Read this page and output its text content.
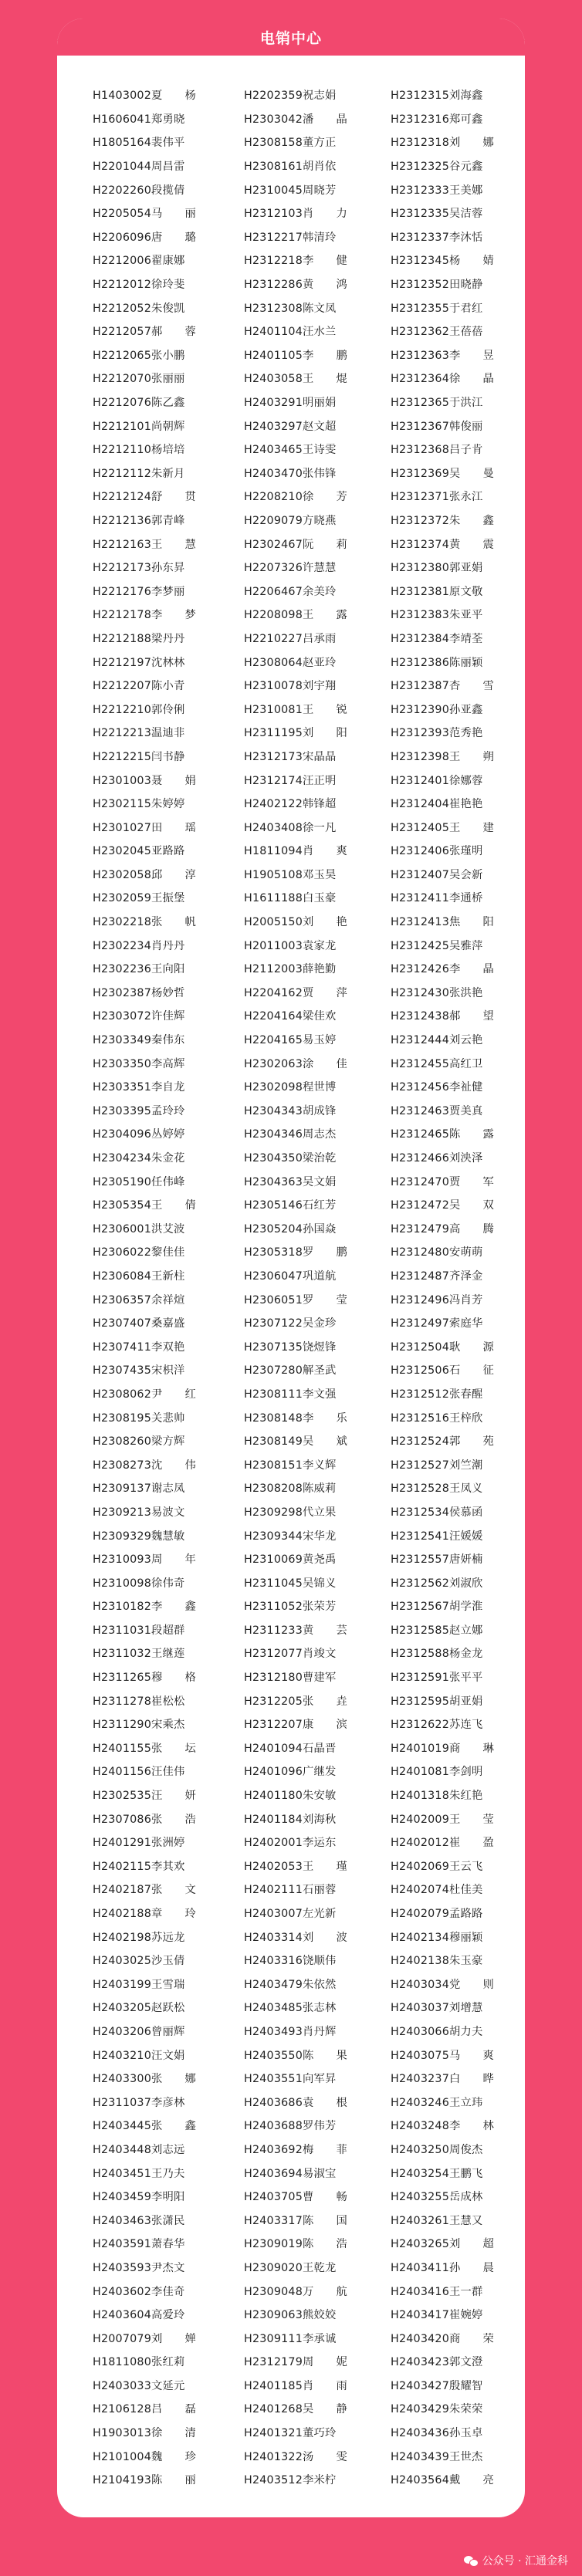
电销中心
H1403002夏　　杨	H2202359祝志娟	H2312315刘海鑫
H1606041郑勇晓	H2303042潘　　晶	H2312316郑可鑫
H1805164裴伟平	H2308158董方正	H2312318刘　　娜
H2201044周昌雷	H2308161胡肖依	H2312325谷元鑫
H2202260段揽倩	H2310045周晓芳	H2312333王美娜
H2205054马　　丽	H2312103肖　　力	H2312335吴洁蓉
H2206096唐　　璐	H2312217韩清玲	H2312337李沐恬
H2212006翟康娜	H2312218李　　健	H2312345杨　　婧
H2212012徐玲斐	H2312286黄　　鸿	H2312352田晓静
H2212052朱俊凯	H2312308陈文凤	H2312355于君红
H2212057郝　　蓉	H2401104汪水兰	H2312362王蓓蓓
H2212065张小鹏	H2401105李　　鹏	H2312363李　　昱
H2212070张丽丽	H2403058王　　焜	H2312364徐　　晶
H2212076陈乙鑫	H2403291明丽娟	H2312365于洪江
H2212101尚朝辉	H2403297赵文超	H2312367韩俊丽
H2212110杨培培	H2403465王诗雯	H2312368吕子肯
H2212112朱新月	H2403470张伟锋	H2312369吴　　曼
H2212124舒　　贯	H2208210徐　　芳	H2312371张永江
H2212136郭青峰	H2209079方晓燕	H2312372朱　　鑫
H2212163王　　慧	H2302467阮　　莉	H2312374黄　　震
H2212173孙东昇	H2207326许慧慧	H2312380郭亚娟
H2212176李梦丽	H2206467余美玲	H2312381原文敬
H2212178李　　梦	H2208098王　　露	H2312383朱亚平
H2212188梁丹丹	H2210227吕承雨	H2312384李靖荃
H2212197沈林林	H2308064赵亚玲	H2312386陈丽颖
H2212207陈小青	H2310078刘宇翔	H2312387杏　　雪
H2212210郭伶俐	H2310081王　　锐	H2312390孙亚鑫
H2212213温迪非	H2311195刘　　阳	H2312393范秀艳
H2212215闫书静	H2312173宋晶晶	H2312398王　　朔
H2301003聂　　娟	H2312174汪正明	H2312401徐娜蓉
H2302115朱婷婷	H2402122韩锋超	H2312404崔艳艳
H2301027田　　瑶	H2403408徐一凡	H2312405王　　建
H2302045亚路路	H1811094肖　　爽	H2312406张瑾明
H2302058邱　　淳	H1905108邓玉昊	H2312407吴会新
H2302059王振堡	H1611188白玉豪	H2312411李通桥
H2302218张　　帆	H2005150刘　　艳	H2312413焦　　阳
H2302234肖丹丹	H2011003袁家龙	H2312425吴雅萍
H2302236王向阳	H2112003薛艳勤	H2312426李　　晶
H2302387杨妙哲	H2204162贾　　萍	H2312430张洪艳
H2303072许佳辉	H2204164梁佳欢	H2312438郝　　望
H2303349秦伟东	H2204165易玉婷	H2312444刘云艳
H2303350李高辉	H2302063涂　　佳	H2312455高红卫
H2303351李自龙	H2302098程世博	H2312456李祉健
H2303395孟玲玲	H2304343胡成锋	H2312463贾美真
H2304096丛婷婷	H2304346周志杰	H2312465陈　　露
H2304234朱金花	H2304350梁治乾	H2312466刘泱泽
H2305190任伟峰	H2304363吴文娟	H2312470贾　　军
H2305354王　　倩	H2305146石红芳	H2312472吴　　双
H2306001洪艾波	H2305204孙国焱	H2312479高　　腾
H2306022黎佳佳	H2305318罗　　鹏	H2312480安萌萌
H2306084王新柱	H2306047巩道航	H2312487齐泽金
H2306357余祥煊	H2306051罗　　莹	H2312496冯肖芳
H2307407桑嘉盛	H2307122吴金珍	H2312497索庭华
H2307411李双艳	H2307135饶煜锋	H2312504耿　　源
H2307435宋枳洋	H2307280解圣武	H2312506石　　征
H2308062尹　　红	H2308111李文强	H2312512张春醒
H2308195关悲帅	H2308148李　　乐	H2312516王梓欣
H2308260梁方辉	H2308149吴　　斌	H2312524郭　　苑
H2308273沈　　伟	H2308151李义辉	H2312527刘竺潮
H2309137谢志凤	H2308208陈威莉	H2312528王凤义
H2309213易波文	H2309298代立果	H2312534侯慕函
H2309329魏慧敏	H2309344宋华龙	H2312541汪媛媛
H2310093周　　年	H2310069黄尧禹	H2312557唐妍楠
H2310098徐伟奇	H2311045吴锦义	H2312562刘淑欣
H2310182李　　鑫	H2311052张荣芳	H2312567胡学淮
H2311031段超群	H2311233黄　　芸	H2312585赵立娜
H2311032王继莲	H2312077肖竣文	H2312588杨金龙
H2311265穆　　格	H2312180曹建军	H2312591张平平
H2311278崔松松	H2312205张　　垚	H2312595胡亚娟
H2311290宋乘杰	H2312207康　　滨	H2312622苏连飞
H2401155张　　坛	H2401094石晶晋	H2401019商　　琳
H2401156汪佳伟	H2401096广继发	H2401081李剑明
H2302535汪　　妍	H2401180朱安敏	H2401318朱红艳
H2307086张　　浩	H2401184刘海秋	H2402009王　　莹
H2401291张洲婷	H2402001李运东	H2402012崔　　盈
H2402115李其欢	H2402053王　　瑾	H2402069王云飞
H2402187张　　文	H2402111石丽蓉	H2402074杜佳美
H2402188章　　玲	H2403007左光新	H2402079孟路路
H2402198苏远龙	H2403314刘　　波	H2402134穆丽颖
H2403025沙玉倩	H2403316饶顺伟	H2402138朱玉豪
H2403199王雪瑞	H2403479朱依然	H2403034党　　则
H2403205赵跃松	H2403485张志林	H2403037刘增慧
H2403206曾丽辉	H2403493肖丹辉	H2403066胡力夫
H2403210汪文娟	H2403550陈　　果	H2403075马　　爽
H2403300张　　娜	H2403551向军昇	H2403237白　　晔
H2311037李彦林	H2403686袁　　根	H2403246王立玮
H2403445张　　鑫	H2403688罗伟芳	H2403248李　　林
H2403448刘志远	H2403692梅　　菲	H2403250周俊杰
H2403451王乃夫	H2403694易淑宝	H2403254王鹏飞
H2403459李明阳	H2403705曹　　畅	H2403255岳成林
H2403463张潇民	H2403317陈　　国	H2403261王慧又
H2403591萧春华	H2309019陈　　浩	H2403265刘　　超
H2403593尹杰文	H2309020王乾龙	H2403411孙　　晨
H2403602李佳奇	H2309048万　　航	H2403416王一群
H2403604高爱玲	H2309063熊姣姣	H2403417崔婉婷
H2007079刘　　婵	H2309111李承诚	H2403420商　　荣
H1811080张红莉	H2312179周　　妮	H2403423郭文澄
H2403033文延元	H2401185肖　　雨	H2403427殷耀智
H2106128吕　　磊	H2401268吴　　静	H2403429朱荣荣
H1903013徐　　清	H2401321董巧玲	H2403436孙玉卓
H2101004魏　　珍	H2401322汤　　雯	H2403439王世杰
H2104193陈　　丽	H2403512李米柠	H2403564戴　　亮
公众号 · 汇通金科
